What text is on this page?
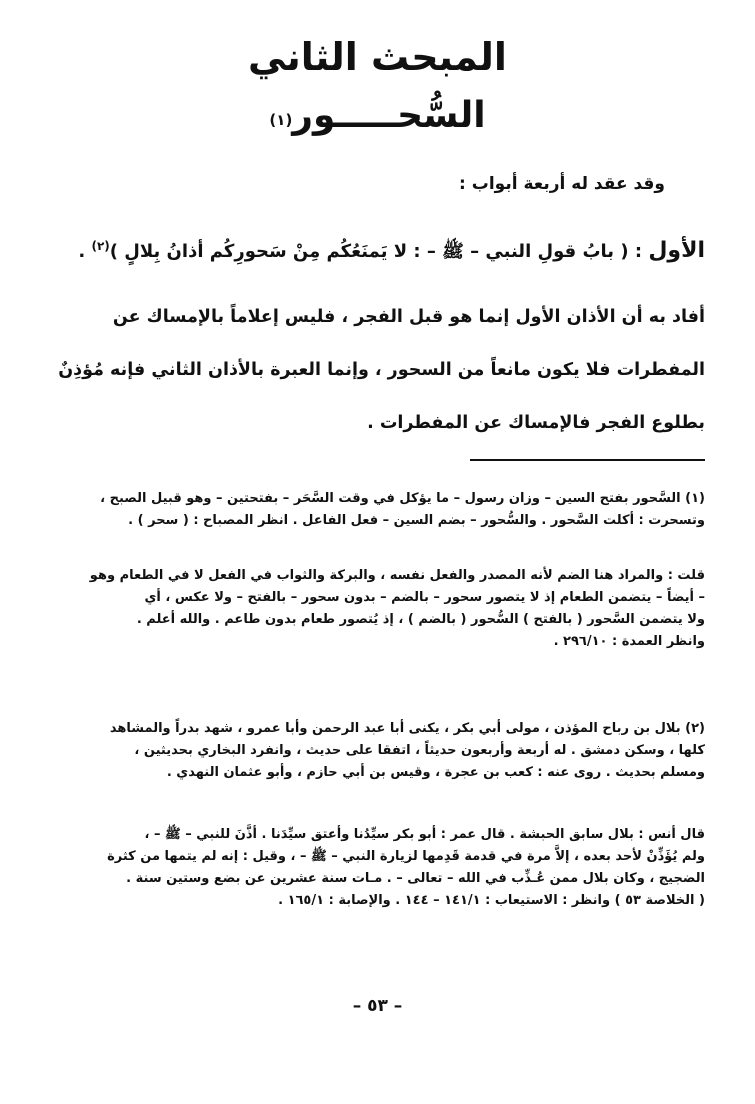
المبحث الثاني
السُّحـــــور$^{(١)}$
وقد عقد له أربعة أبواب :
الأول : ( بابُ قولِ النبي – ﷺ – : لا يَمنَعُكُم مِنْ سَحورِكُم أذانُ بِلالٍ )$^{(٢)}$ .

أفاد به أن الأذان الأول إنما هو قبل الفجر ، فليس إعلاماً بالإمساك عن
المفطرات فلا يكون مانعاً من السحور ، وإنما العبرة بالأذان الثاني فإنه مُؤذِنٌ
بطلوع الفجر فالإمساك عن المفطرات .

(١) السَّحور بفتح السين – وزان رسول – ما يؤكل في وقت السَّحَر – بفتحتين – وهو قبيل الصبح ،
وتسحرت : أكلت السَّحور . والسُّحور – بضم السين – فعل الفاعل . انظر المصباح : ( سحر ) .

قلت : والمراد هنا الضم لأنه المصدر والفعل نفسه ، والبركة والثواب في الفعل لا في الطعام وهو
– أيضاً – يتضمن الطعام إذ لا يتصور سحور – بالضم – بدون سحور – بالفتح – ولا عكس ، أي
ولا يتضمن السَّحور ( بالفتح ) السُّحور ( بالضم ) ، إذ يُتصور طعام بدون طاعم . والله أعلم .
وانظر العمدة : ٢٩٦/١٠ .

(٢) بلال بن رباح المؤذن ، مولى أبي بكر ، يكنى أبا عبد الرحمن وأبا عمرو ، شهد بدراً والمشاهد
كلها ، وسكن دمشق . له أربعة وأربعون حديثاً ، اتفقا على حديث ، وانفرد البخاري بحديثين ،
ومسلم بحديث . روى عنه : كعب بن عجرة ، وقيس بن أبي حازم ، وأبو عثمان النهدي .

قال أنس : بلال سابق الحبشة . قال عمر : أبو بكر سيِّدُنا وأعتق سيِّدَنا . أذَّنَ للنبي – ﷺ – ،
ولم يُؤَذِّنْ لأحد بعده ، إلاَّ مرة في قدمة قَدِمها لزيارة النبي – ﷺ – ، وقيل : إنه لم يتمها من كثرة
الضجيج ، وكان بلال ممن عُـذِّب في الله – تعالى – . مـات سنة عشرين عن بضع وستين سنة .
( الخلاصة ٥٣ ) وانظر : الاستيعاب : ١٤١/١ – ١٤٤ . والإصابة : ١٦٥/١ .

– ٥٣ –
